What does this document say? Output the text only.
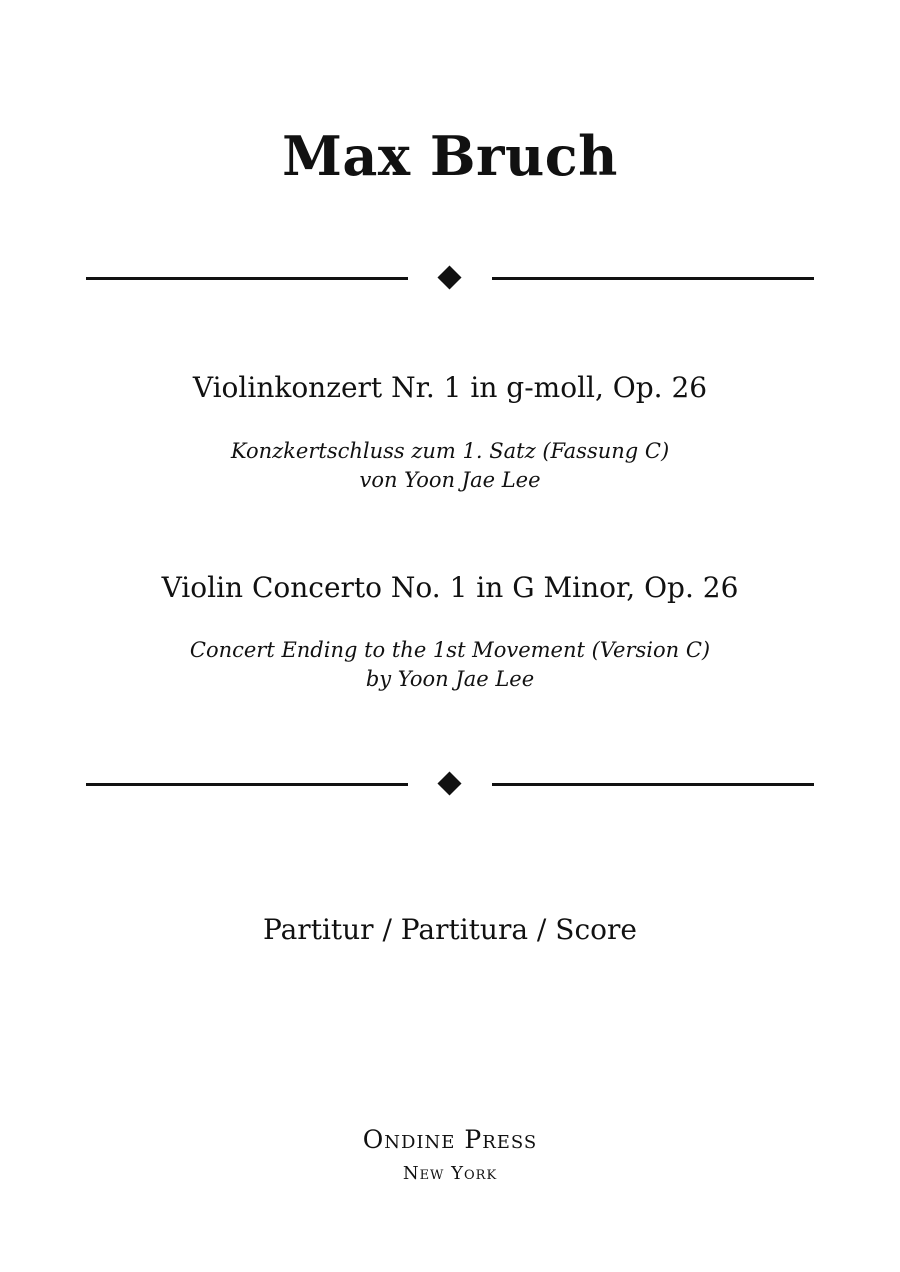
Max Bruch
Violinkonzert Nr. 1 in g-moll, Op. 26
Konzkertschluss zum 1. Satz (Fassung C)
von Yoon Jae Lee
Violin Concerto No. 1 in G Minor, Op. 26
Concert Ending to the 1st Movement (Version C)
by Yoon Jae Lee
Partitur / Partitura / Score
Ondine Press
New York
